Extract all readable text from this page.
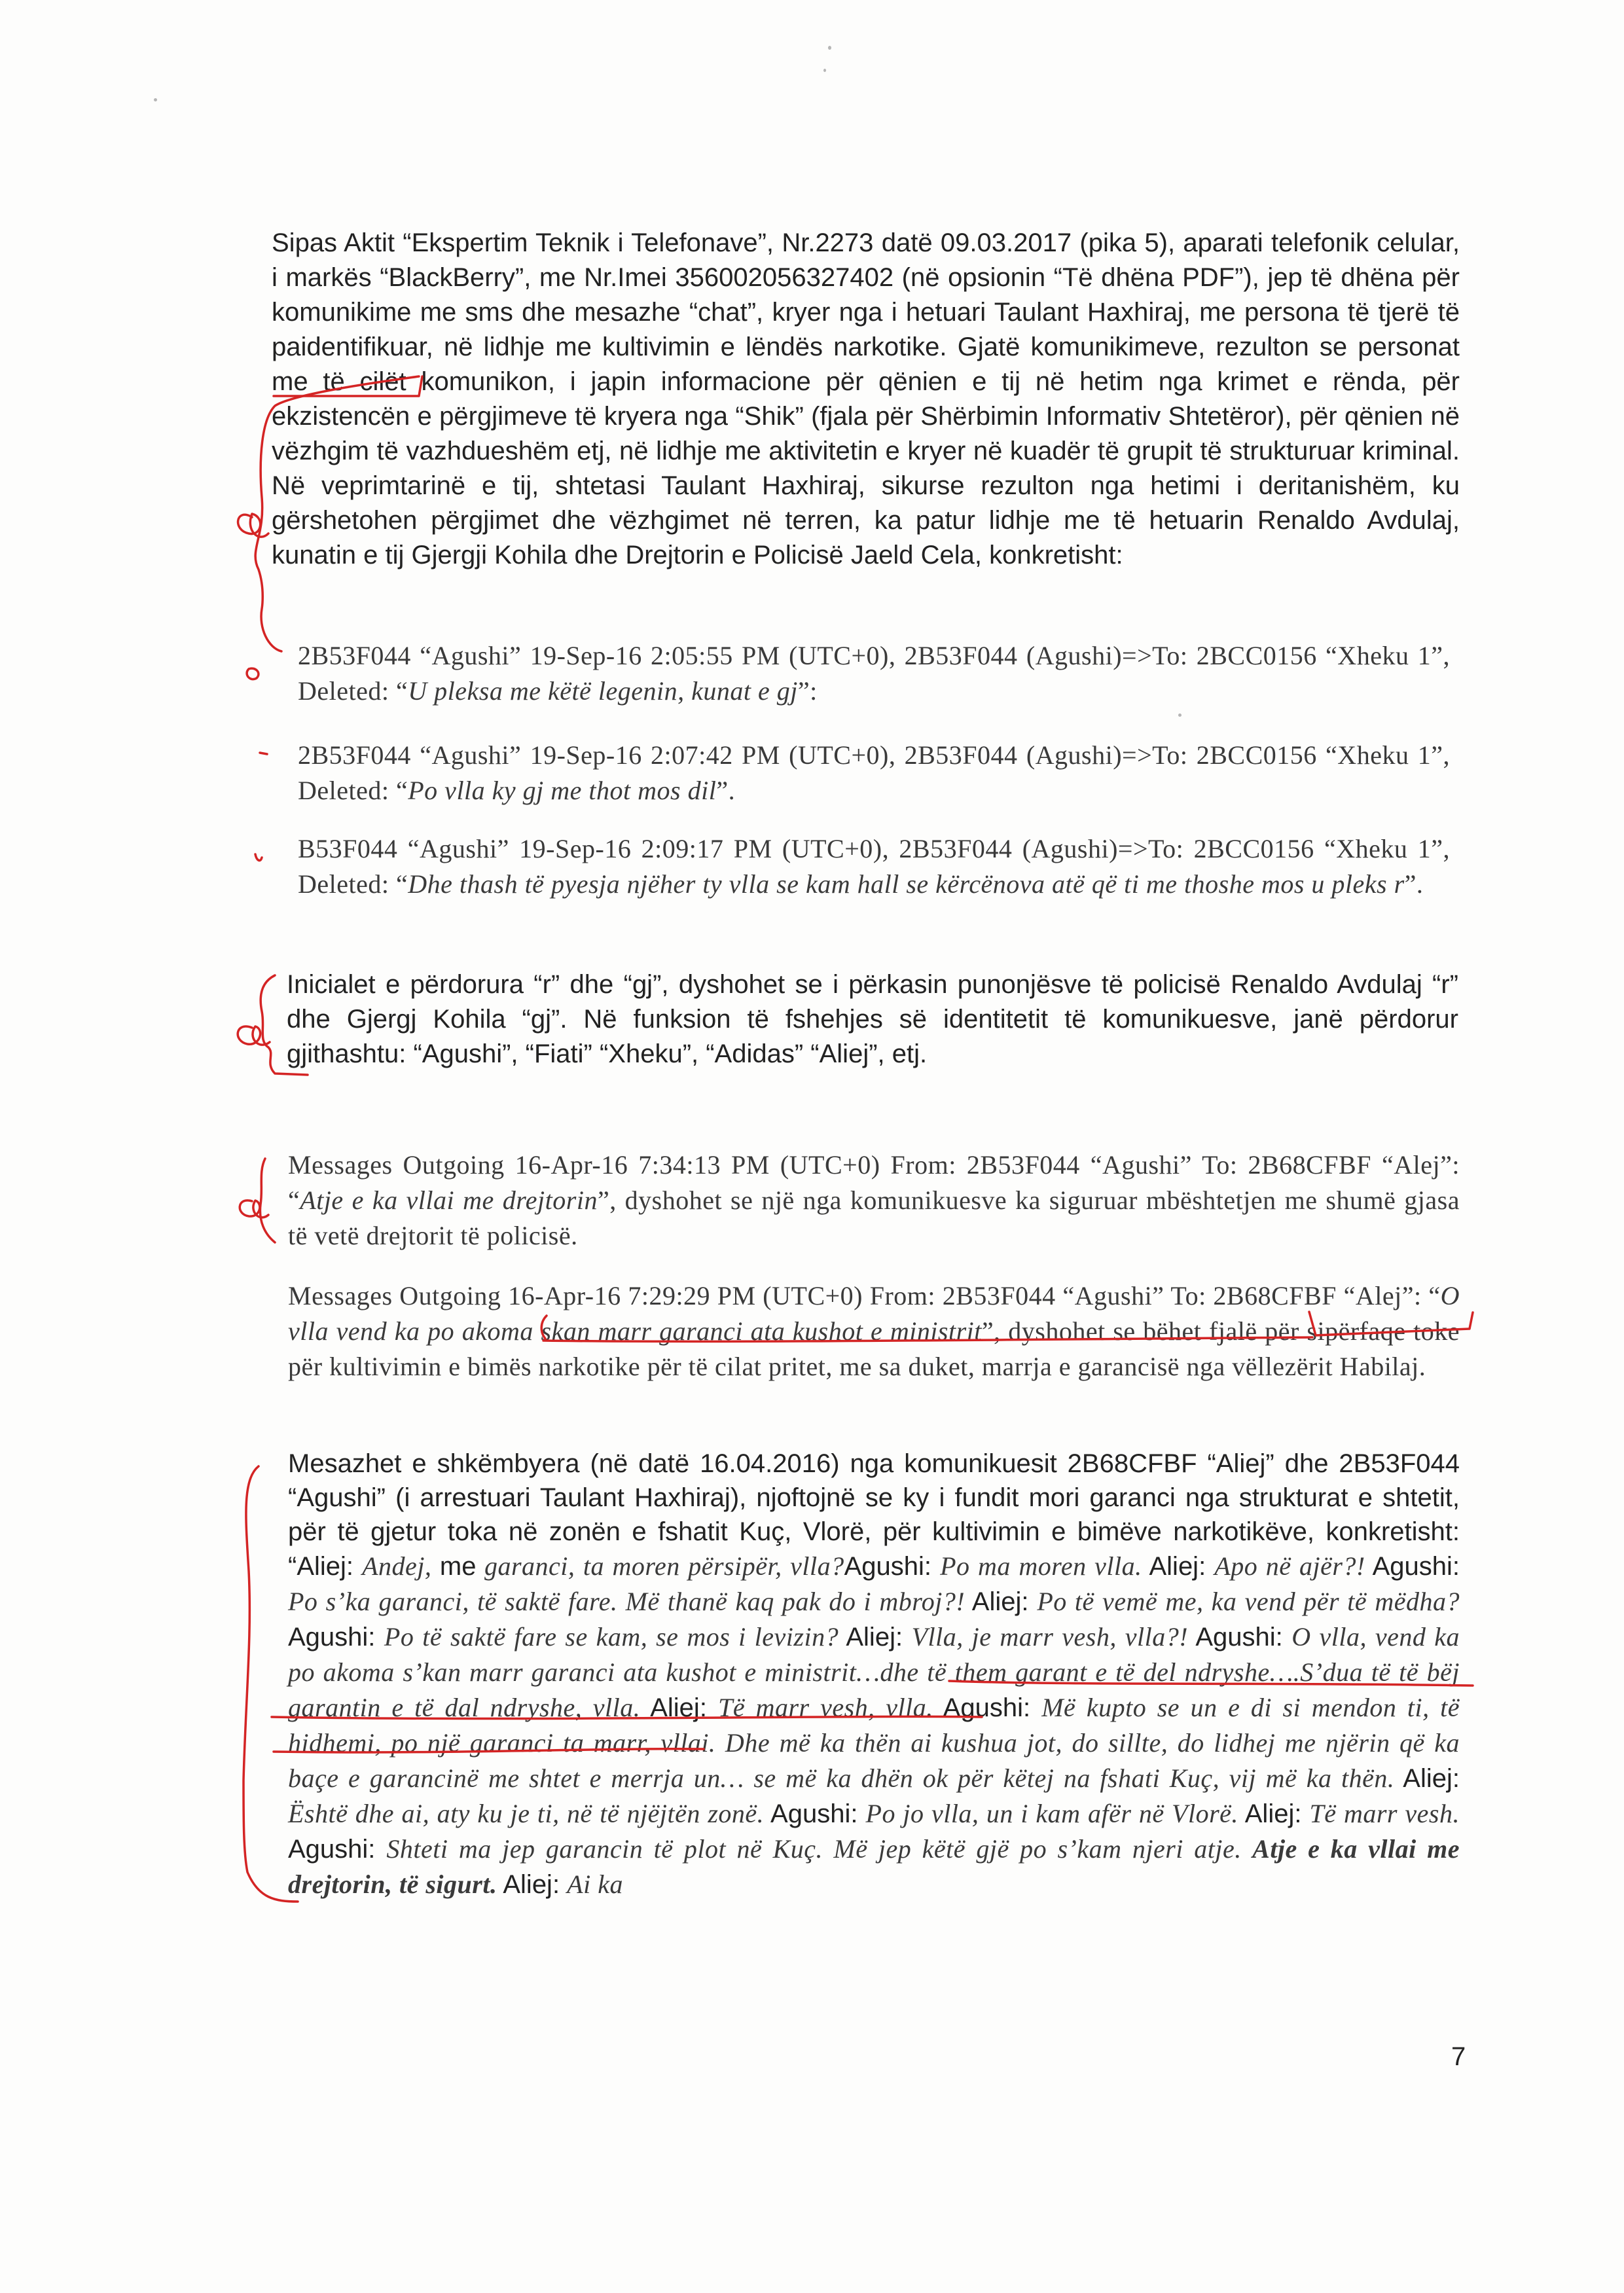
Sipas Aktit “Ekspertim Teknik i Telefonave”, Nr.2273 datë 09.03.2017 (pika 5), aparati telefonik celular, i markës “BlackBerry”, me Nr.Imei 356002056327402 (në opsionin “Të dhëna PDF”), jep të dhëna për komunikime me sms dhe mesazhe “chat”, kryer nga i hetuari Taulant Haxhiraj, me persona të tjerë të paidentifikuar, në lidhje me kultivimin e lëndës narkotike. Gjatë komunikimeve, rezulton se personat me të cilët komunikon, i japin informacione për qënien e tij në hetim nga krimet e rënda, për ekzistencën e përgjimeve të kryera nga “Shik” (fjala për Shërbimin Informativ Shtetëror), për qënien në vëzhgim të vazhdueshëm etj, në lidhje me aktivitetin e kryer në kuadër të grupit të strukturuar kriminal. Në veprimtarinë e tij, shtetasi Taulant Haxhiraj, sikurse rezulton nga hetimi i deritanishëm, ku gërshetohen përgjimet dhe vëzhgimet në terren, ka patur lidhje me të hetuarin Renaldo Avdulaj, kunatin e tij Gjergji Kohila dhe Drejtorin e Policisë Jaeld Cela, konkretisht:

2B53F044 “Agushi” 19-Sep-16 2:05:55 PM (UTC+0), 2B53F044 (Agushi)=>To: 2BCC0156 “Xheku 1”, Deleted: “U pleksa me këtë legenin, kunat e gj”:

2B53F044 “Agushi” 19-Sep-16 2:07:42 PM (UTC+0), 2B53F044 (Agushi)=>To: 2BCC0156 “Xheku 1”, Deleted: “Po vlla ky gj me thot mos dil”.

B53F044 “Agushi” 19-Sep-16 2:09:17 PM (UTC+0), 2B53F044 (Agushi)=>To: 2BCC0156 “Xheku 1”, Deleted: “Dhe thash të pyesja njëher ty vlla se kam hall se kërcënova atë që ti me thoshe mos u pleks r”.

Inicialet e përdorura “r” dhe “gj”, dyshohet se i përkasin punonjësve të policisë Renaldo Avdulaj “r” dhe Gjergj Kohila “gj”. Në funksion të fshehjes së identitetit të komunikuesve, janë përdorur gjithashtu: “Agushi”, “Fiati” “Xheku”, “Adidas” “Aliej”, etj.

Messages Outgoing 16-Apr-16 7:34:13 PM (UTC+0) From: 2B53F044 “Agushi” To: 2B68CFBF “Alej”: “Atje e ka vllai me drejtorin”, dyshohet se një nga komunikuesve ka siguruar mbështetjen me shumë gjasa të vetë drejtorit të policisë.

Messages Outgoing 16-Apr-16 7:29:29 PM (UTC+0) From: 2B53F044 “Agushi” To: 2B68CFBF “Alej”: “O vlla vend ka po akoma skan marr garanci ata kushot e ministrit”, dyshohet se bëhet fjalë për sipërfaqe toke për kultivimin e bimës narkotike për të cilat pritet, me sa duket, marrja e garancisë nga vëllezërit Habilaj.

Mesazhet e shkëmbyera (në datë 16.04.2016) nga komunikuesit 2B68CFBF “Aliej” dhe 2B53F044 “Agushi” (i arrestuari Taulant Haxhiraj), njoftojnë se ky i fundit mori garanci nga strukturat e shtetit, për të gjetur toka në zonën e fshatit Kuç, Vlorë, për kultivimin e bimëve narkotikëve, konkretisht: “Aliej: Andej, me garanci, ta moren përsipër, vlla?Agushi: Po ma moren vlla. Aliej: Apo në ajër?! Agushi: Po s’ka garanci, të saktë fare. Më thanë kaq pak do i mbroj?! Aliej: Po të vemë me, ka vend për të mëdha? Agushi: Po të saktë fare se kam, se mos i levizin? Aliej: Vlla, je marr vesh, vlla?! Agushi: O vlla, vend ka po akoma s’kan marr garanci ata kushot e ministrit…dhe të them garant e të del ndryshe….S’dua të të bëj garantin e të dal ndryshe, vlla. Aliej: Të marr vesh, vlla. Agushi: Më kupto se un e di si mendon ti, të hidhemi, po një garanci ta marr, vllai. Dhe më ka thën ai kushua jot, do sillte, do lidhej me njërin që ka baçe e garancinë me shtet e merrja un… se më ka dhën ok për këtej na fshati Kuç, vij më ka thën. Aliej: Është dhe ai, aty ku je ti, në të njëjtën zonë. Agushi: Po jo vlla, un i kam afër në Vlorë. Aliej: Të marr vesh. Agushi: Shteti ma jep garancin të plot në Kuç. Më jep këtë gjë po s’kam njeri atje. Atje e ka vllai me drejtorin, të sigurt. Aliej: Ai ka

7
